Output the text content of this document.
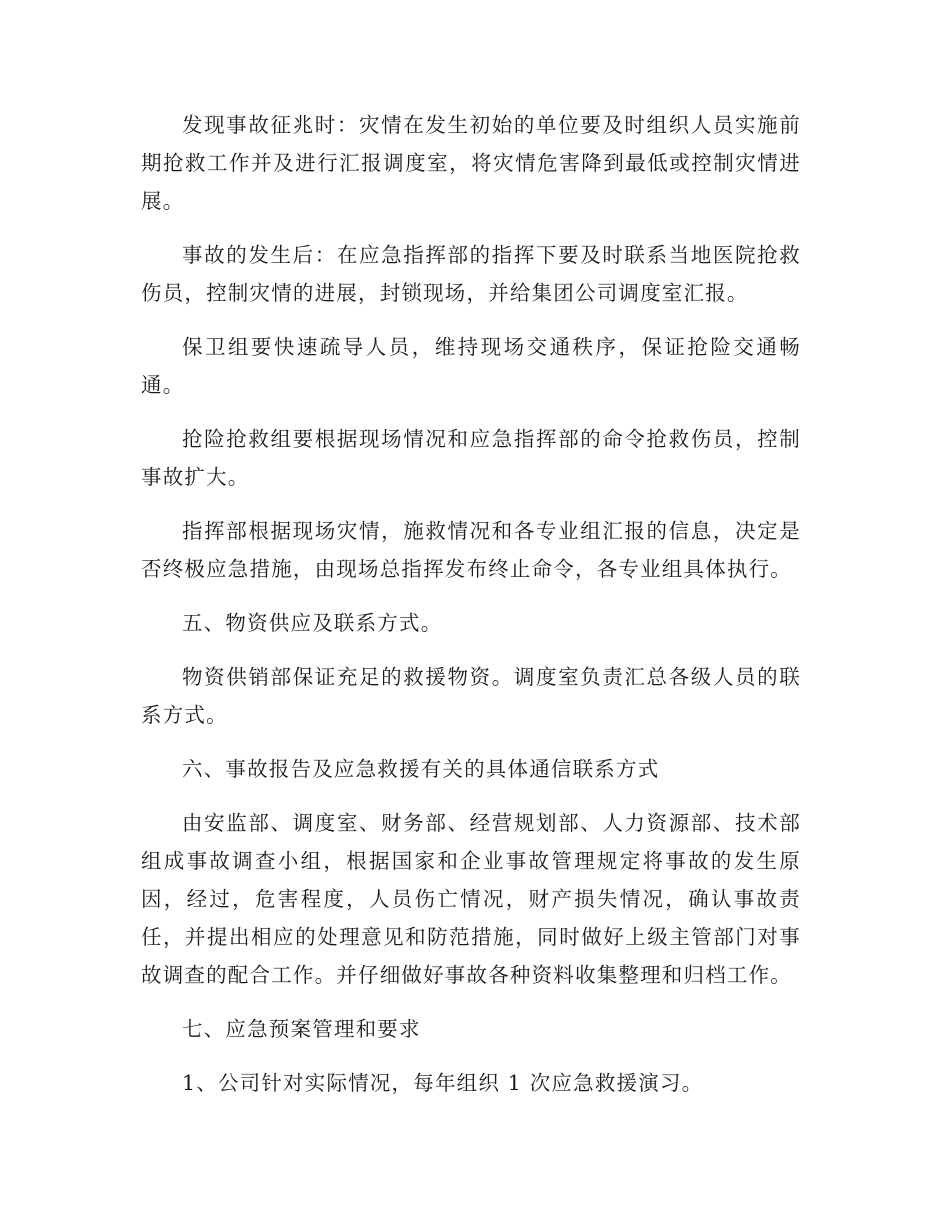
发现事故征兆时：灾情在发生初始的单位要及时组织人员实施前期抢救工作并及进行汇报调度室，将灾情危害降到最低或控制灾情进展。

事故的发生后：在应急指挥部的指挥下要及时联系当地医院抢救伤员，控制灾情的进展，封锁现场，并给集团公司调度室汇报。

保卫组要快速疏导人员，维持现场交通秩序，保证抢险交通畅通。

抢险抢救组要根据现场情况和应急指挥部的命令抢救伤员，控制事故扩大。

指挥部根据现场灾情，施救情况和各专业组汇报的信息，决定是否终极应急措施，由现场总指挥发布终止命令，各专业组具体执行。

五、物资供应及联系方式。

物资供销部保证充足的救援物资。调度室负责汇总各级人员的联系方式。

六、事故报告及应急救援有关的具体通信联系方式

由安监部、调度室、财务部、经营规划部、人力资源部、技术部组成事故调查小组，根据国家和企业事故管理规定将事故的发生原因，经过，危害程度，人员伤亡情况，财产损失情况，确认事故责任，并提出相应的处理意见和防范措施，同时做好上级主管部门对事故调查的配合工作。并仔细做好事故各种资料收集整理和归档工作。

七、应急预案管理和要求

1、公司针对实际情况，每年组织 1 次应急救援演习。
